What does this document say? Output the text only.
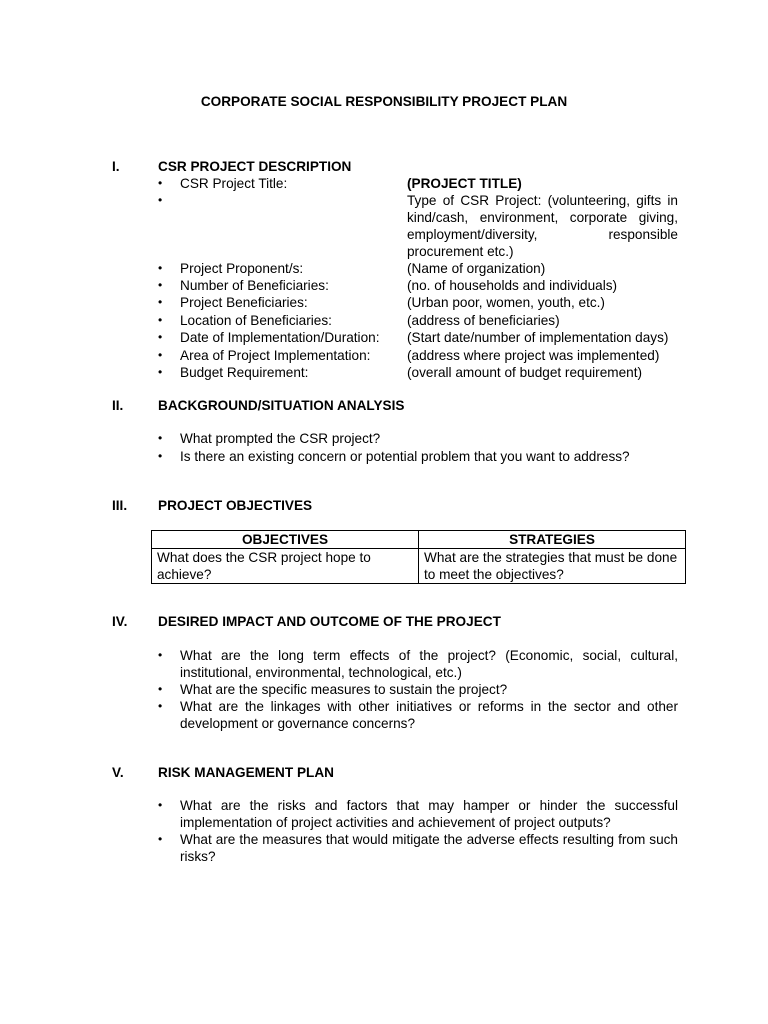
CORPORATE SOCIAL RESPONSIBILITY PROJECT PLAN
I.	CSR PROJECT DESCRIPTION
•	CSR Project Title:	(PROJECT TITLE)
•	Type of CSR Project: (volunteering, gifts in kind/cash, environment, corporate giving, employment/diversity, responsible procurement etc.)
•	Project Proponent/s:	(Name of organization)
•	Number of Beneficiaries:	(no. of households and individuals)
•	Project Beneficiaries:	(Urban poor, women, youth, etc.)
•	Location of Beneficiaries:	(address of beneficiaries)
•	Date of Implementation/Duration: (Start date/number of implementation days)
•	Area of Project Implementation:	(address where project was implemented)
•	Budget Requirement:	(overall amount of budget requirement)
II.	BACKGROUND/SITUATION ANALYSIS
• What prompted the CSR project?
• Is there an existing concern or potential problem that you want to address?
III. PROJECT OBJECTIVES
OBJECTIVES	STRATEGIES
What does the CSR project hope to achieve?	What are the strategies that must be done to meet the objectives?
IV. DESIRED IMPACT AND OUTCOME OF THE PROJECT
• What are the long term effects of the project? (Economic, social, cultural, institutional, environmental, technological, etc.)
• What are the specific measures to sustain the project?
• What are the linkages with other initiatives or reforms in the sector and other development or governance concerns?
V.	RISK MANAGEMENT PLAN
• What are the risks and factors that may hamper or hinder the successful implementation of project activities and achievement of project outputs?
• What are the measures that would mitigate the adverse effects resulting from such risks?
